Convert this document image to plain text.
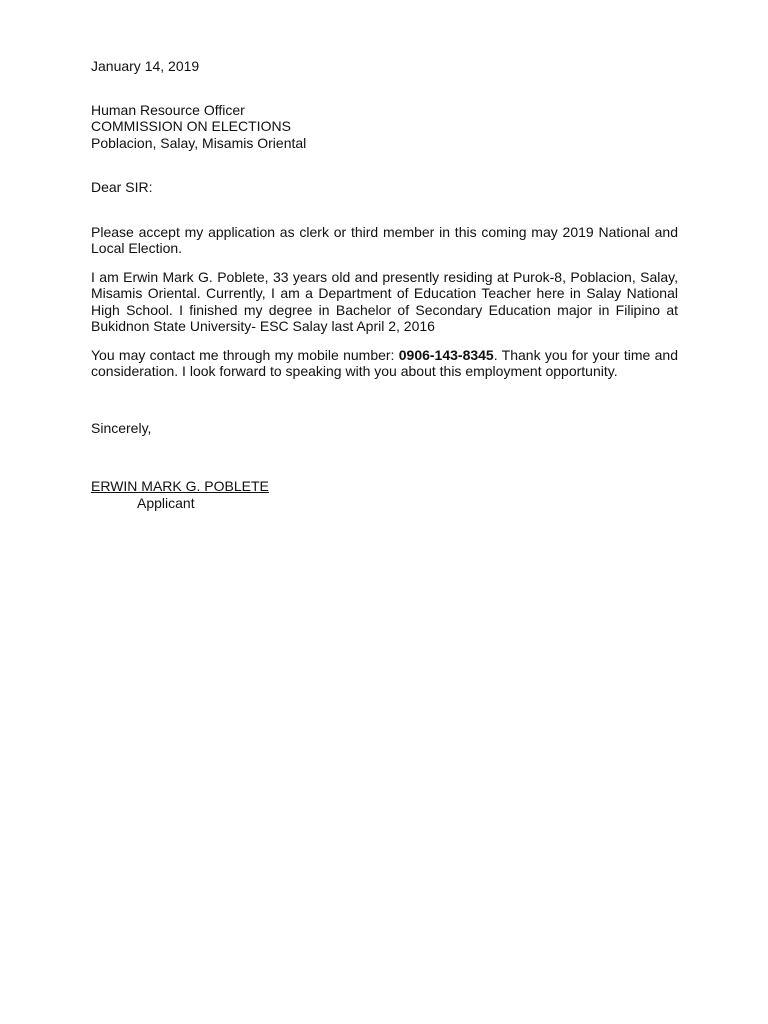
January 14, 2019
Human Resource Officer
COMMISSION ON ELECTIONS
Poblacion, Salay, Misamis Oriental
Dear SIR:

Please accept my application as clerk or third member in this coming may 2019 National and Local Election.

I am Erwin Mark G. Poblete, 33 years old and presently residing at Purok-8, Poblacion, Salay, Misamis Oriental. Currently, I am a Department of Education Teacher here in Salay National High School. I finished my degree in Bachelor of Secondary Education major in Filipino at Bukidnon State University- ESC Salay last April 2, 2016

You may contact me through my mobile number: 0906-143-8345. Thank you for your time and consideration. I look forward to speaking with you about this employment opportunity.

Sincerely,
ERWIN MARK G. POBLETE
Applicant
